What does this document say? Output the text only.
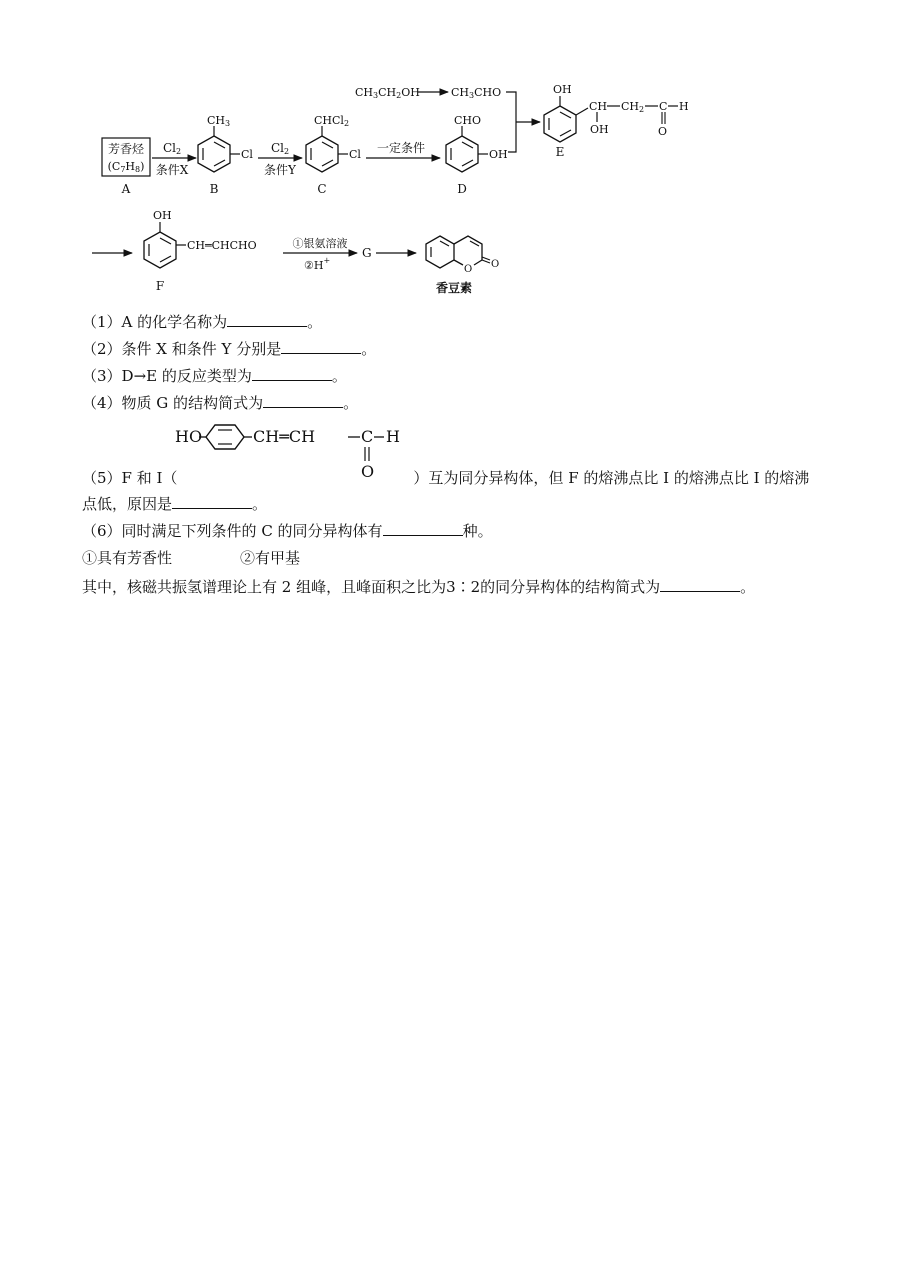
芳香烃
(C7H8)
A
Cl2
条件X
CH3
Cl
B
Cl2
条件Y
CHCl2
Cl
C
一定条件
CHO
OH
D
CH3CH2OH	CH3CHO	OH
CH CH2 C H
O
OH
E
OH
CH═CHCHO
F
①银氨溶液
②H+
G
O O
香豆素
（1）A 的化学名称为	。
（2）条件 X 和条件 Y 分别是	。
（3）D→E 的反应类型为	。
（4）物质 G 的结构简式为	。
HO	CH═CH	C H
O
（5）F 和 I（	）互为同分异构体，但 F 的熔沸点比 I 的熔沸点比 I 的熔沸
点低，原因是	。
（6）同时满足下列条件的 C 的同分异构体有	种。
①具有芳香性	②有甲基
其中，核磁共振氢谱理论上有 2 组峰，且峰面积之比为3∶2的同分异构体的结构简式为	。
